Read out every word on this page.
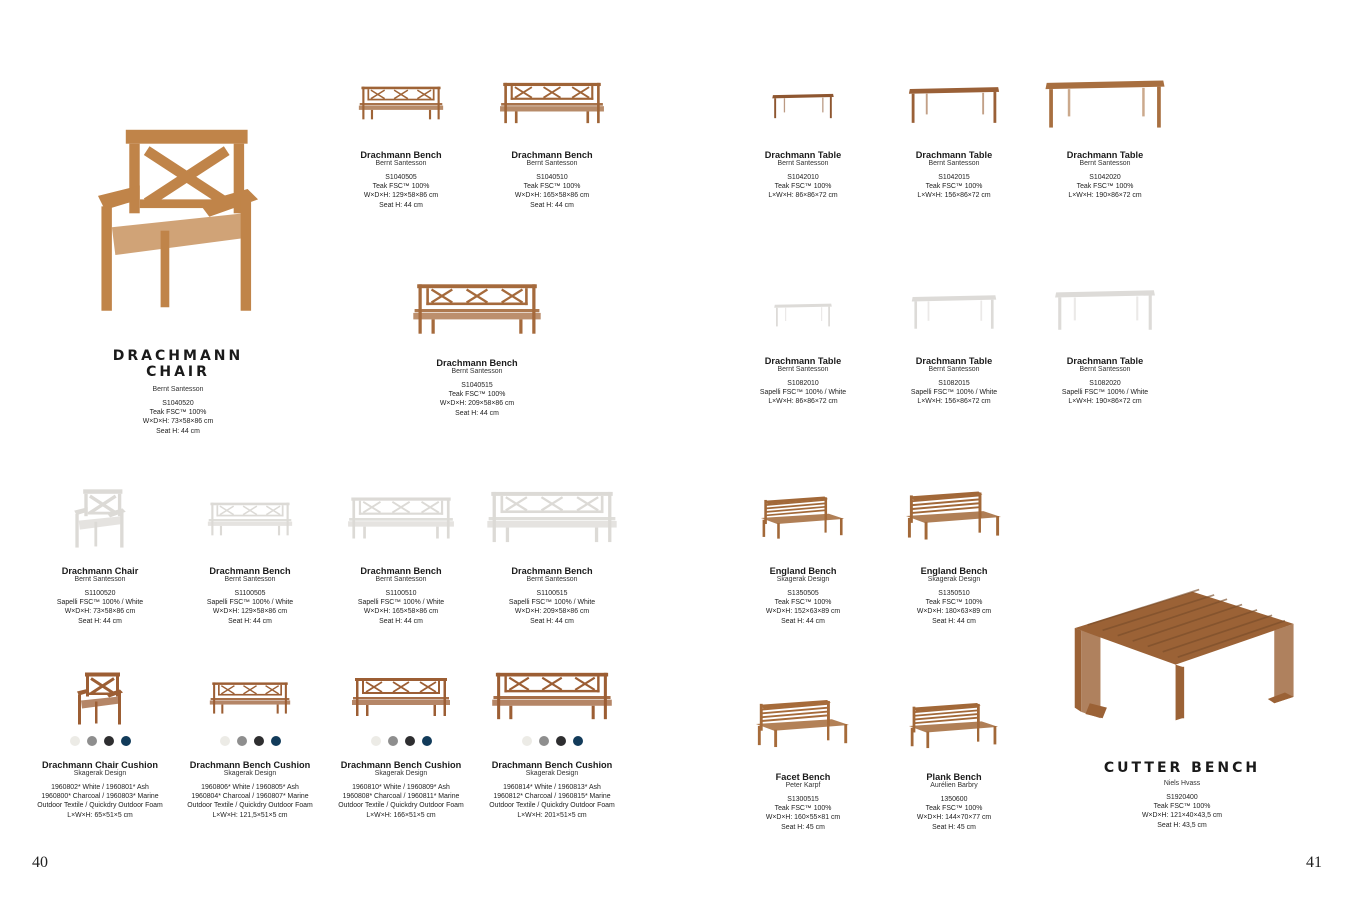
DRACHMANN CHAIR
Bernt Santesson
S1040520
Teak FSC™ 100%
W×D×H: 73×58×86 cm
Seat H: 44 cm
Drachmann Bench
Bernt Santesson
S1040505
Teak FSC™ 100%
W×D×H: 129×58×86 cm
Seat H: 44 cm
Drachmann Bench
Bernt Santesson
S1040510
Teak FSC™ 100%
W×D×H: 165×58×86 cm
Seat H: 44 cm
Drachmann Bench
Bernt Santesson
S1040515
Teak FSC™ 100%
W×D×H: 209×58×86 cm
Seat H: 44 cm
Drachmann Chair
Bernt Santesson
S1100520
Sapelli FSC™ 100% / White
W×D×H: 73×58×86 cm
Seat H: 44 cm
Drachmann Bench
Bernt Santesson
S1100505
Sapelli FSC™ 100% / White
W×D×H: 129×58×86 cm
Seat H: 44 cm
Drachmann Bench
Bernt Santesson
S1100510
Sapelli FSC™ 100% / White
W×D×H: 165×58×86 cm
Seat H: 44 cm
Drachmann Bench
Bernt Santesson
S1100515
Sapelli FSC™ 100% / White
W×D×H: 209×58×86 cm
Seat H: 44 cm
Drachmann Chair Cushion
Skagerak Design
1960802* White / 1960801* Ash
1960800* Charcoal / 1960803* Marine
Outdoor Textile / Quickdry Outdoor Foam
L×W×H: 65×51×5 cm
Drachmann Bench Cushion
Skagerak Design
1960806* White / 1960805* Ash
1960804* Charcoal / 1960807* Marine
Outdoor Textile / Quickdry Outdoor Foam
L×W×H: 121,5×51×5 cm
Drachmann Bench Cushion
Skagerak Design
1960810* White / 1960809* Ash
1960808* Charcoal / 1960811* Marine
Outdoor Textile / Quickdry Outdoor Foam
L×W×H: 166×51×5 cm
Drachmann Bench Cushion
Skagerak Design
1960814* White / 1960813* Ash
1960812* Charcoal / 1960815* Marine
Outdoor Textile / Quickdry Outdoor Foam
L×W×H: 201×51×5 cm
40
Drachmann Table
Bernt Santesson
S1042010
Teak FSC™ 100%
L×W×H: 86×86×72 cm
Drachmann Table
Bernt Santesson
S1042015
Teak FSC™ 100%
L×W×H: 156×86×72 cm
Drachmann Table
Bernt Santesson
S1042020
Teak FSC™ 100%
L×W×H: 190×86×72 cm
Drachmann Table
Bernt Santesson
S1082010
Sapelli FSC™ 100% / White
L×W×H: 86×86×72 cm
Drachmann Table
Bernt Santesson
S1082015
Sapelli FSC™ 100% / White
L×W×H: 156×86×72 cm
Drachmann Table
Bernt Santesson
S1082020
Sapelli FSC™ 100% / White
L×W×H: 190×86×72 cm
England Bench
Skagerak Design
S1350505
Teak FSC™ 100%
W×D×H: 152×63×89 cm
Seat H: 44 cm
England Bench
Skagerak Design
S1350510
Teak FSC™ 100%
W×D×H: 180×63×89 cm
Seat H: 44 cm
Facet Bench
Peter Karpf
S1300515
Teak FSC™ 100%
W×D×H: 160×55×81 cm
Seat H: 45 cm
Plank Bench
Aurélien Barbry
1350600
Teak FSC™ 100%
W×D×H: 144×70×77 cm
Seat H: 45 cm
CUTTER BENCH
Niels Hvass
S1920400
Teak FSC™ 100%
W×D×H: 121×40×43,5 cm
Seat H: 43,5 cm
41
